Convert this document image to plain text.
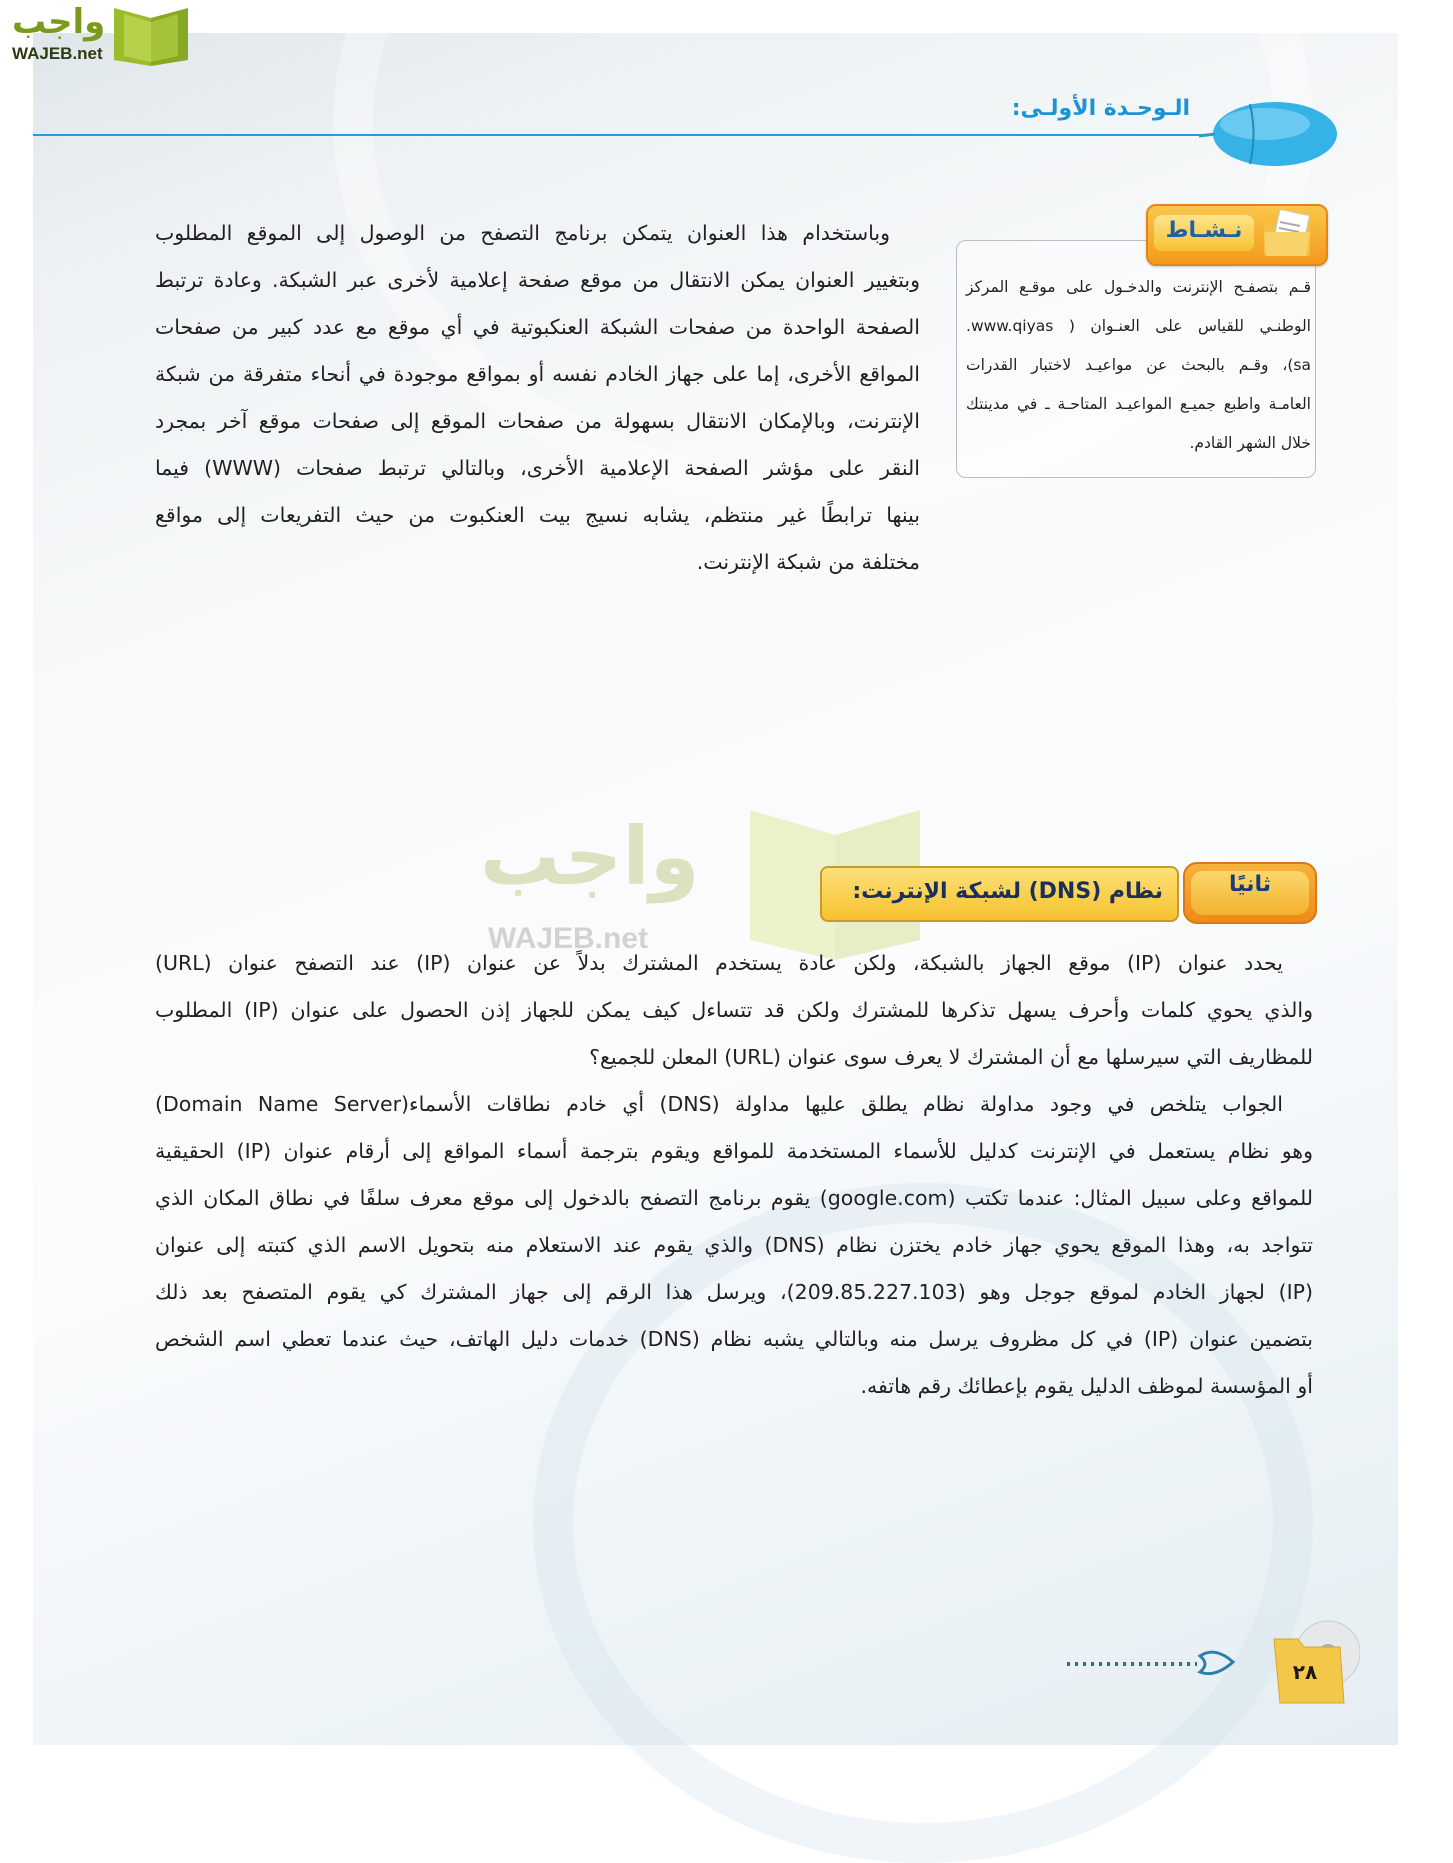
واجب
WAJEB.net
الـوحـدة الأولـى:
نـشـاط
قـم بتصفـح الإنترنت والدخـول على موقـع المركز
الوطنـي للقياس على العنـوان ( www.qiyas.
sa)، وقـم بالبحث عن مواعيـد لاختبار القدرات
العامـة واطبع جميـع المواعيـد المتاحـة ـ في مدينتك
خلال الشهر القادم.
وباستخدام هذا العنوان يتمكن برنامج التصفح من الوصول إلى الموقع المطلوب
وبتغيير العنوان يمكن الانتقال من موقع صفحة إعلامية لأخرى عبر الشبكة. وعادة ترتبط
الصفحة الواحدة من صفحات الشبكة العنكبوتية في أي موقع مع عدد كبير من صفحات
المواقع الأخرى، إما على جهاز الخادم نفسه أو بمواقع موجودة في أنحاء متفرقة من شبكة
الإنترنت، وبالإمكان الانتقال بسهولة من صفحات الموقع إلى صفحات موقع آخر بمجرد
النقر على مؤشر الصفحة الإعلامية الأخرى، وبالتالي ترتبط صفحات (WWW) فيما
بينها ترابطًا غير منتظم، يشابه نسيج بيت العنكبوت من حيث التفريعات إلى مواقع
مختلفة من شبكة الإنترنت.
واجب
WAJEB.net
ثانيًا
نظام (DNS) لشبكة الإنترنت:
يحدد عنوان (IP) موقع الجهاز بالشبكة، ولكن عادة يستخدم المشترك بدلاً عن عنوان (IP) عند التصفح عنوان (URL)
والذي يحوي كلمات وأحرف يسهل تذكرها للمشترك ولكن قد تتساءل كيف يمكن للجهاز إذن الحصول على عنوان (IP) المطلوب
للمظاريف التي سيرسلها مع أن المشترك لا يعرف سوى عنوان (URL) المعلن للجميع؟
الجواب يتلخص في وجود مداولة نظام يطلق عليها مداولة (DNS) أي خادم نطاقات الأسماء(Domain Name Server)
وهو نظام يستعمل في الإنترنت كدليل للأسماء المستخدمة للمواقع ويقوم بترجمة أسماء المواقع إلى أرقام عنوان (IP) الحقيقية
للمواقع وعلى سبيل المثال: عندما تكتب (google.com) يقوم برنامج التصفح بالدخول إلى موقع معرف سلفًا في نطاق المكان الذي
تتواجد به، وهذا الموقع يحوي جهاز خادم يختزن نظام (DNS) والذي يقوم عند الاستعلام منه بتحويل الاسم الذي كتبته إلى عنوان
(IP) لجهاز الخادم لموقع جوجل وهو (209.85.227.103)، ويرسل هذا الرقم إلى جهاز المشترك كي يقوم المتصفح بعد ذلك
بتضمين عنوان (IP) في كل مظروف يرسل منه وبالتالي يشبه نظام (DNS) خدمات دليل الهاتف، حيث عندما تعطي اسم الشخص
أو المؤسسة لموظف الدليل يقوم بإعطائك رقم هاتفه.
٢٨
